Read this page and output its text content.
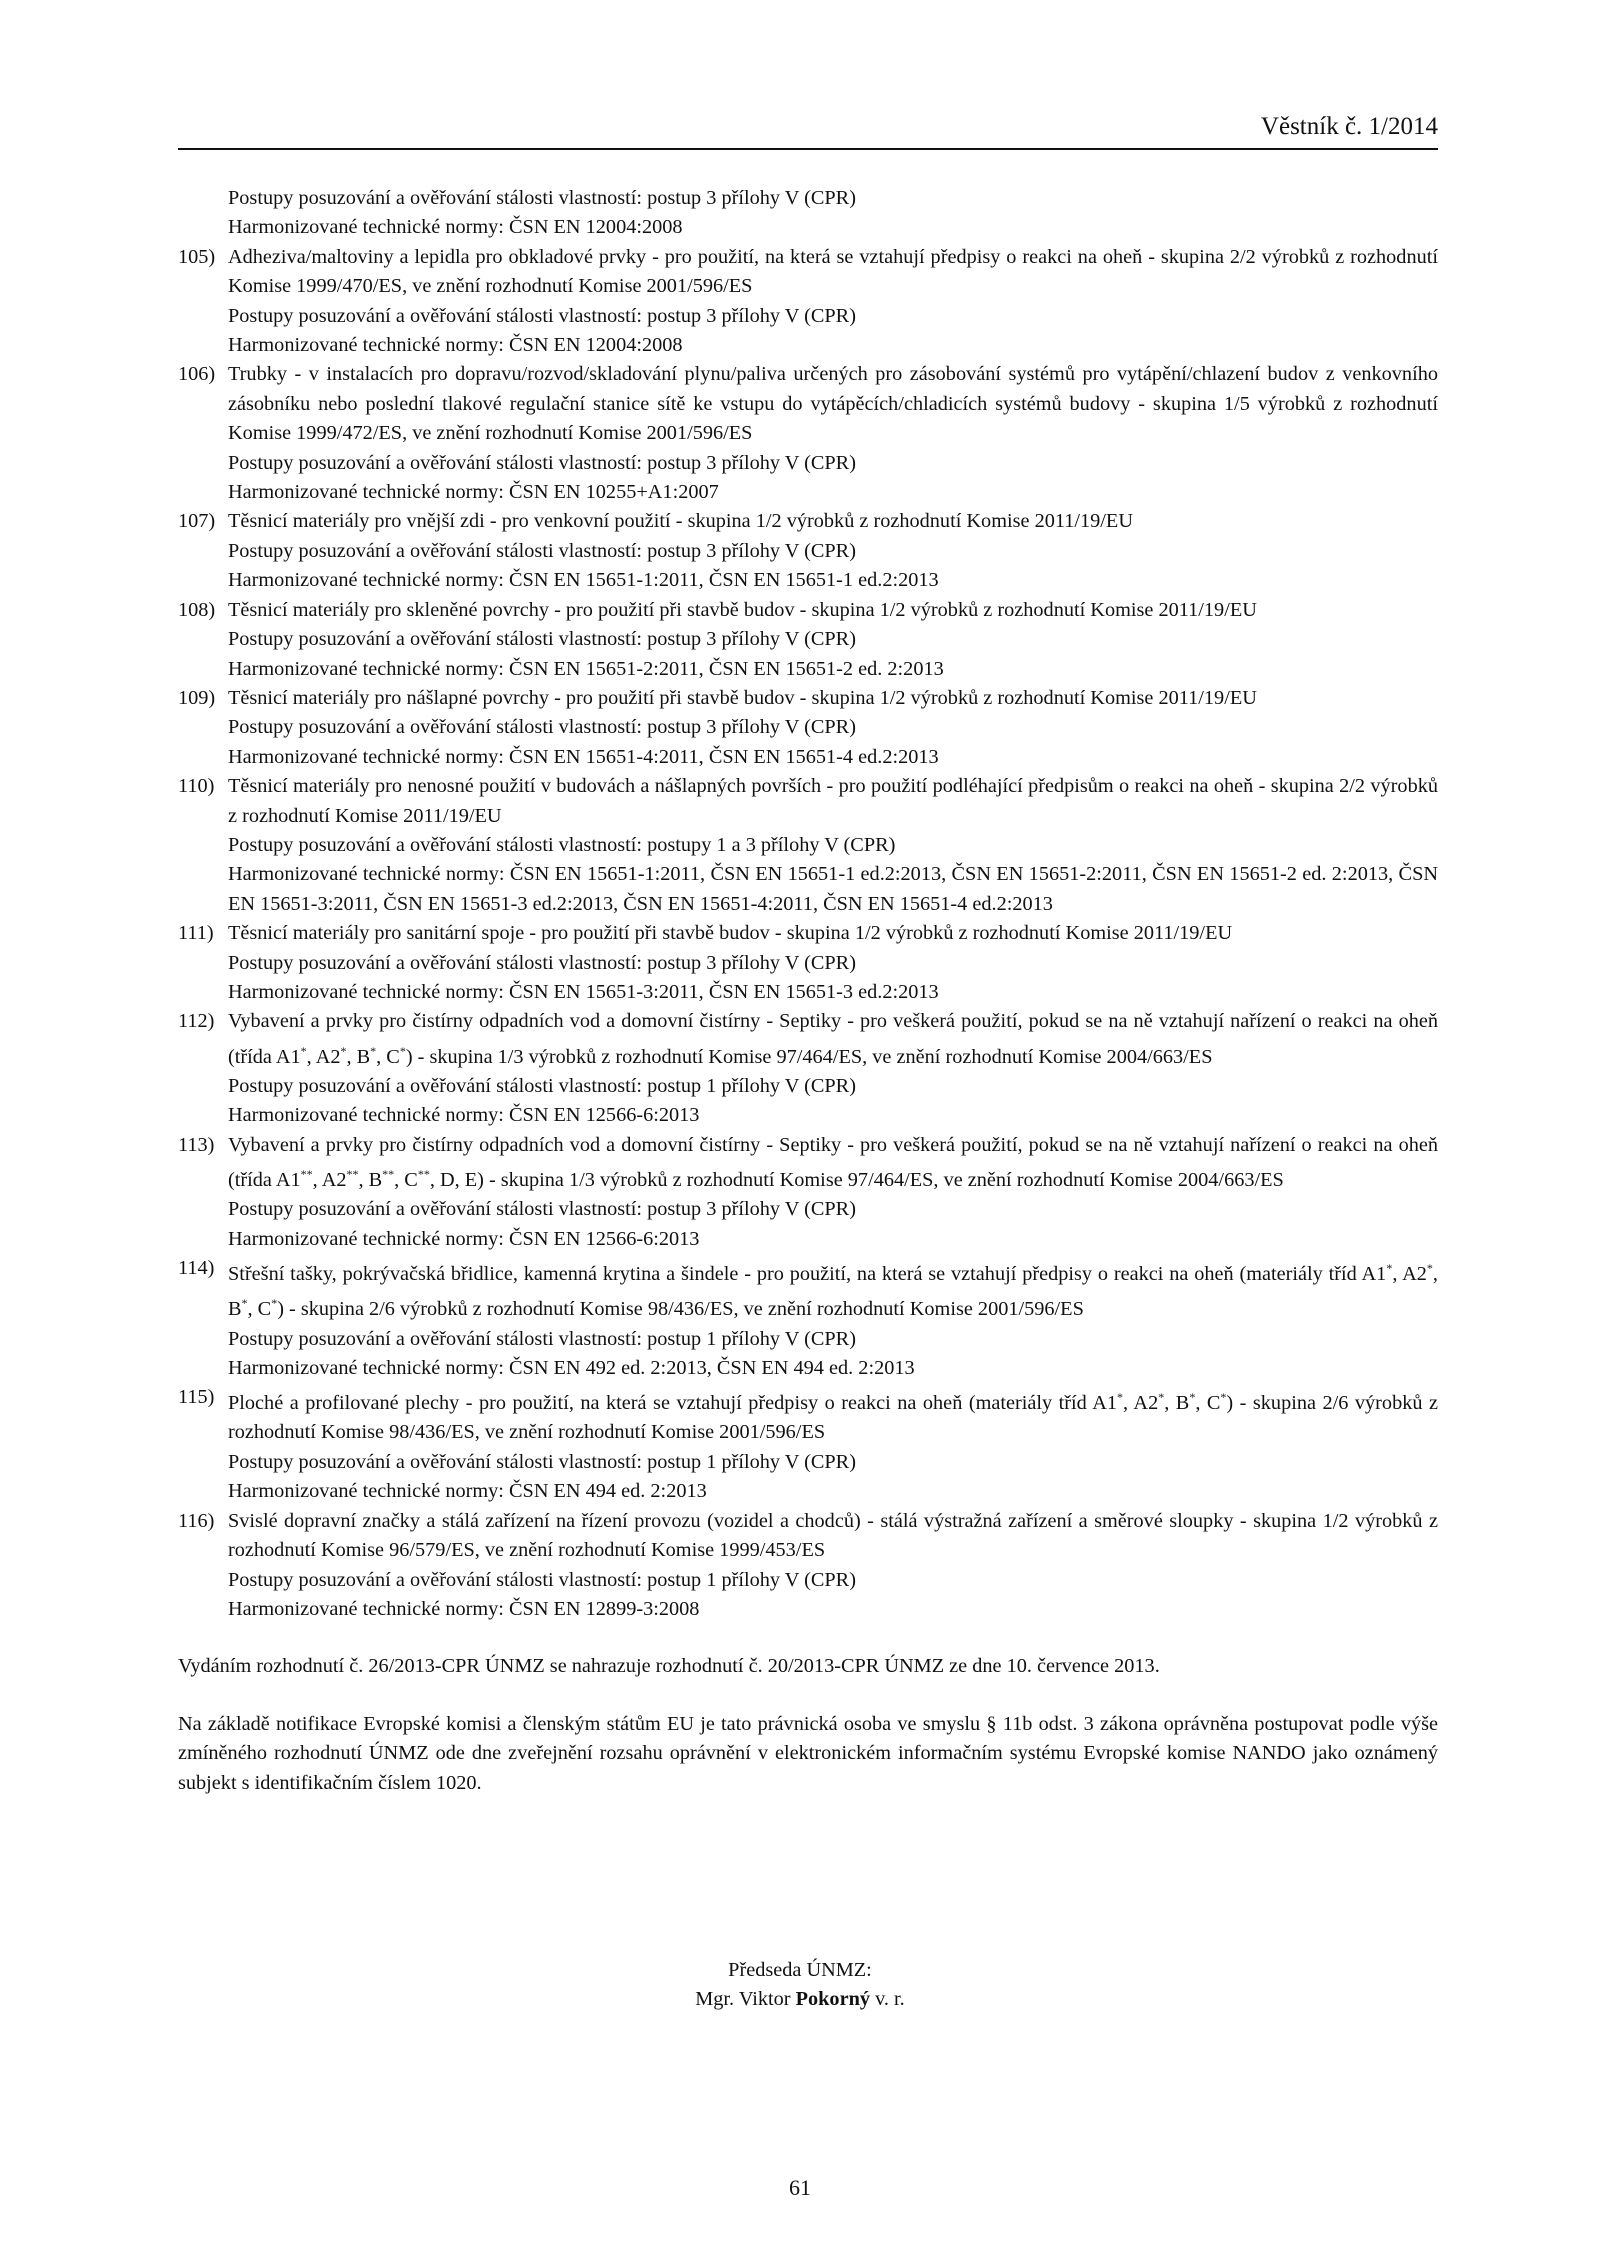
Věstník č. 1/2014
Postupy posuzování a ověřování stálosti vlastností: postup 3 přílohy V (CPR)
Harmonizované technické normy: ČSN EN 12004:2008
105) Adheziva/maltoviny a lepidla pro obkladové prvky - pro použití, na která se vztahují předpisy o reakci na oheň - skupina 2/2 výrobků z rozhodnutí Komise 1999/470/ES, ve znění rozhodnutí Komise 2001/596/ES
Postupy posuzování a ověřování stálosti vlastností: postup 3 přílohy V (CPR)
Harmonizované technické normy: ČSN EN 12004:2008
106) Trubky - v instalacích pro dopravu/rozvod/skladování plynu/paliva určených pro zásobování systémů pro vytápění/chlazení budov z venkovního zásobníku nebo poslední tlakové regulační stanice sítě ke vstupu do vytápěcích/chladicích systémů budovy - skupina 1/5 výrobků z rozhodnutí Komise 1999/472/ES, ve znění rozhodnutí Komise 2001/596/ES
Postupy posuzování a ověřování stálosti vlastností: postup 3 přílohy V (CPR)
Harmonizované technické normy: ČSN EN 10255+A1:2007
107) Těsnicí materiály pro vnější zdi - pro venkovní použití - skupina 1/2 výrobků z rozhodnutí Komise 2011/19/EU
Postupy posuzování a ověřování stálosti vlastností: postup 3 přílohy V (CPR)
Harmonizované technické normy: ČSN EN 15651-1:2011, ČSN EN 15651-1 ed.2:2013
108) Těsnicí materiály pro skleněné povrchy - pro použití při stavbě budov - skupina 1/2 výrobků z rozhodnutí Komise 2011/19/EU
Postupy posuzování a ověřování stálosti vlastností: postup 3 přílohy V (CPR)
Harmonizované technické normy: ČSN EN 15651-2:2011, ČSN EN 15651-2 ed. 2:2013
109) Těsnicí materiály pro nášlapné povrchy - pro použití při stavbě budov - skupina 1/2 výrobků z rozhodnutí Komise 2011/19/EU
Postupy posuzování a ověřování stálosti vlastností: postup 3 přílohy V (CPR)
Harmonizované technické normy: ČSN EN 15651-4:2011, ČSN EN 15651-4 ed.2:2013
110) Těsnicí materiály pro nenosné použití v budovách a nášlapných površích - pro použití podléhající předpisům o reakci na oheň - skupina 2/2 výrobků z rozhodnutí Komise 2011/19/EU
Postupy posuzování a ověřování stálosti vlastností: postupy 1 a 3 přílohy V (CPR)
Harmonizované technické normy: ČSN EN 15651-1:2011, ČSN EN 15651-1 ed.2:2013, ČSN EN 15651-2:2011, ČSN EN 15651-2 ed. 2:2013, ČSN EN 15651-3:2011, ČSN EN 15651-3 ed.2:2013, ČSN EN 15651-4:2011, ČSN EN 15651-4 ed.2:2013
111) Těsnicí materiály pro sanitární spoje - pro použití při stavbě budov - skupina 1/2 výrobků z rozhodnutí Komise 2011/19/EU
Postupy posuzování a ověřování stálosti vlastností: postup 3 přílohy V (CPR)
Harmonizované technické normy: ČSN EN 15651-3:2011, ČSN EN 15651-3 ed.2:2013
112) Vybavení a prvky pro čistírny odpadních vod a domovní čistírny - Septiky - pro veškerá použití, pokud se na ně vztahují nařízení o reakci na oheň (třída A1*, A2*, B*, C*) - skupina 1/3 výrobků z rozhodnutí Komise 97/464/ES, ve znění rozhodnutí Komise 2004/663/ES
Postupy posuzování a ověřování stálosti vlastností: postup 1 přílohy V (CPR)
Harmonizované technické normy: ČSN EN 12566-6:2013
113) Vybavení a prvky pro čistírny odpadních vod a domovní čistírny - Septiky - pro veškerá použití, pokud se na ně vztahují nařízení o reakci na oheň (třída A1**, A2**, B**, C**, D, E) - skupina 1/3 výrobků z rozhodnutí Komise 97/464/ES, ve znění rozhodnutí Komise 2004/663/ES
Postupy posuzování a ověřování stálosti vlastností: postup 3 přílohy V (CPR)
Harmonizované technické normy: ČSN EN 12566-6:2013
114) Střešní tašky, pokrývačská břidlice, kamenná krytina a šindele - pro použití, na která se vztahují předpisy o reakci na oheň (materiály tříd A1*, A2*, B*, C*) - skupina 2/6 výrobků z rozhodnutí Komise 98/436/ES, ve znění rozhodnutí Komise 2001/596/ES
Postupy posuzování a ověřování stálosti vlastností: postup 1 přílohy V (CPR)
Harmonizované technické normy: ČSN EN 492 ed. 2:2013, ČSN EN 494 ed. 2:2013
115) Ploché a profilované plechy - pro použití, na která se vztahují předpisy o reakci na oheň (materiály tříd A1*, A2*, B*, C*) - skupina 2/6 výrobků z rozhodnutí Komise 98/436/ES, ve znění rozhodnutí Komise 2001/596/ES
Postupy posuzování a ověřování stálosti vlastností: postup 1 přílohy V (CPR)
Harmonizované technické normy: ČSN EN 494 ed. 2:2013
116) Svislé dopravní značky a stálá zařízení na řízení provozu (vozidel a chodců) - stálá výstražná zařízení a směrové sloupky - skupina 1/2 výrobků z rozhodnutí Komise 96/579/ES, ve znění rozhodnutí Komise 1999/453/ES
Postupy posuzování a ověřování stálosti vlastností: postup 1 přílohy V (CPR)
Harmonizované technické normy: ČSN EN 12899-3:2008
Vydáním rozhodnutí č. 26/2013-CPR ÚNMZ se nahrazuje rozhodnutí č. 20/2013-CPR ÚNMZ ze dne 10. července 2013.
Na základě notifikace Evropské komisi a členským státům EU je tato právnická osoba ve smyslu § 11b odst. 3 zákona oprávněna postupovat podle výše zmíněného rozhodnutí ÚNMZ ode dne zveřejnění rozsahu oprávnění v elektronickém informačním systému Evropské komise NANDO jako oznámený subjekt s identifikačním číslem 1020.
Předseda ÚNMZ:
Mgr. Viktor Pokorný v. r.
61
